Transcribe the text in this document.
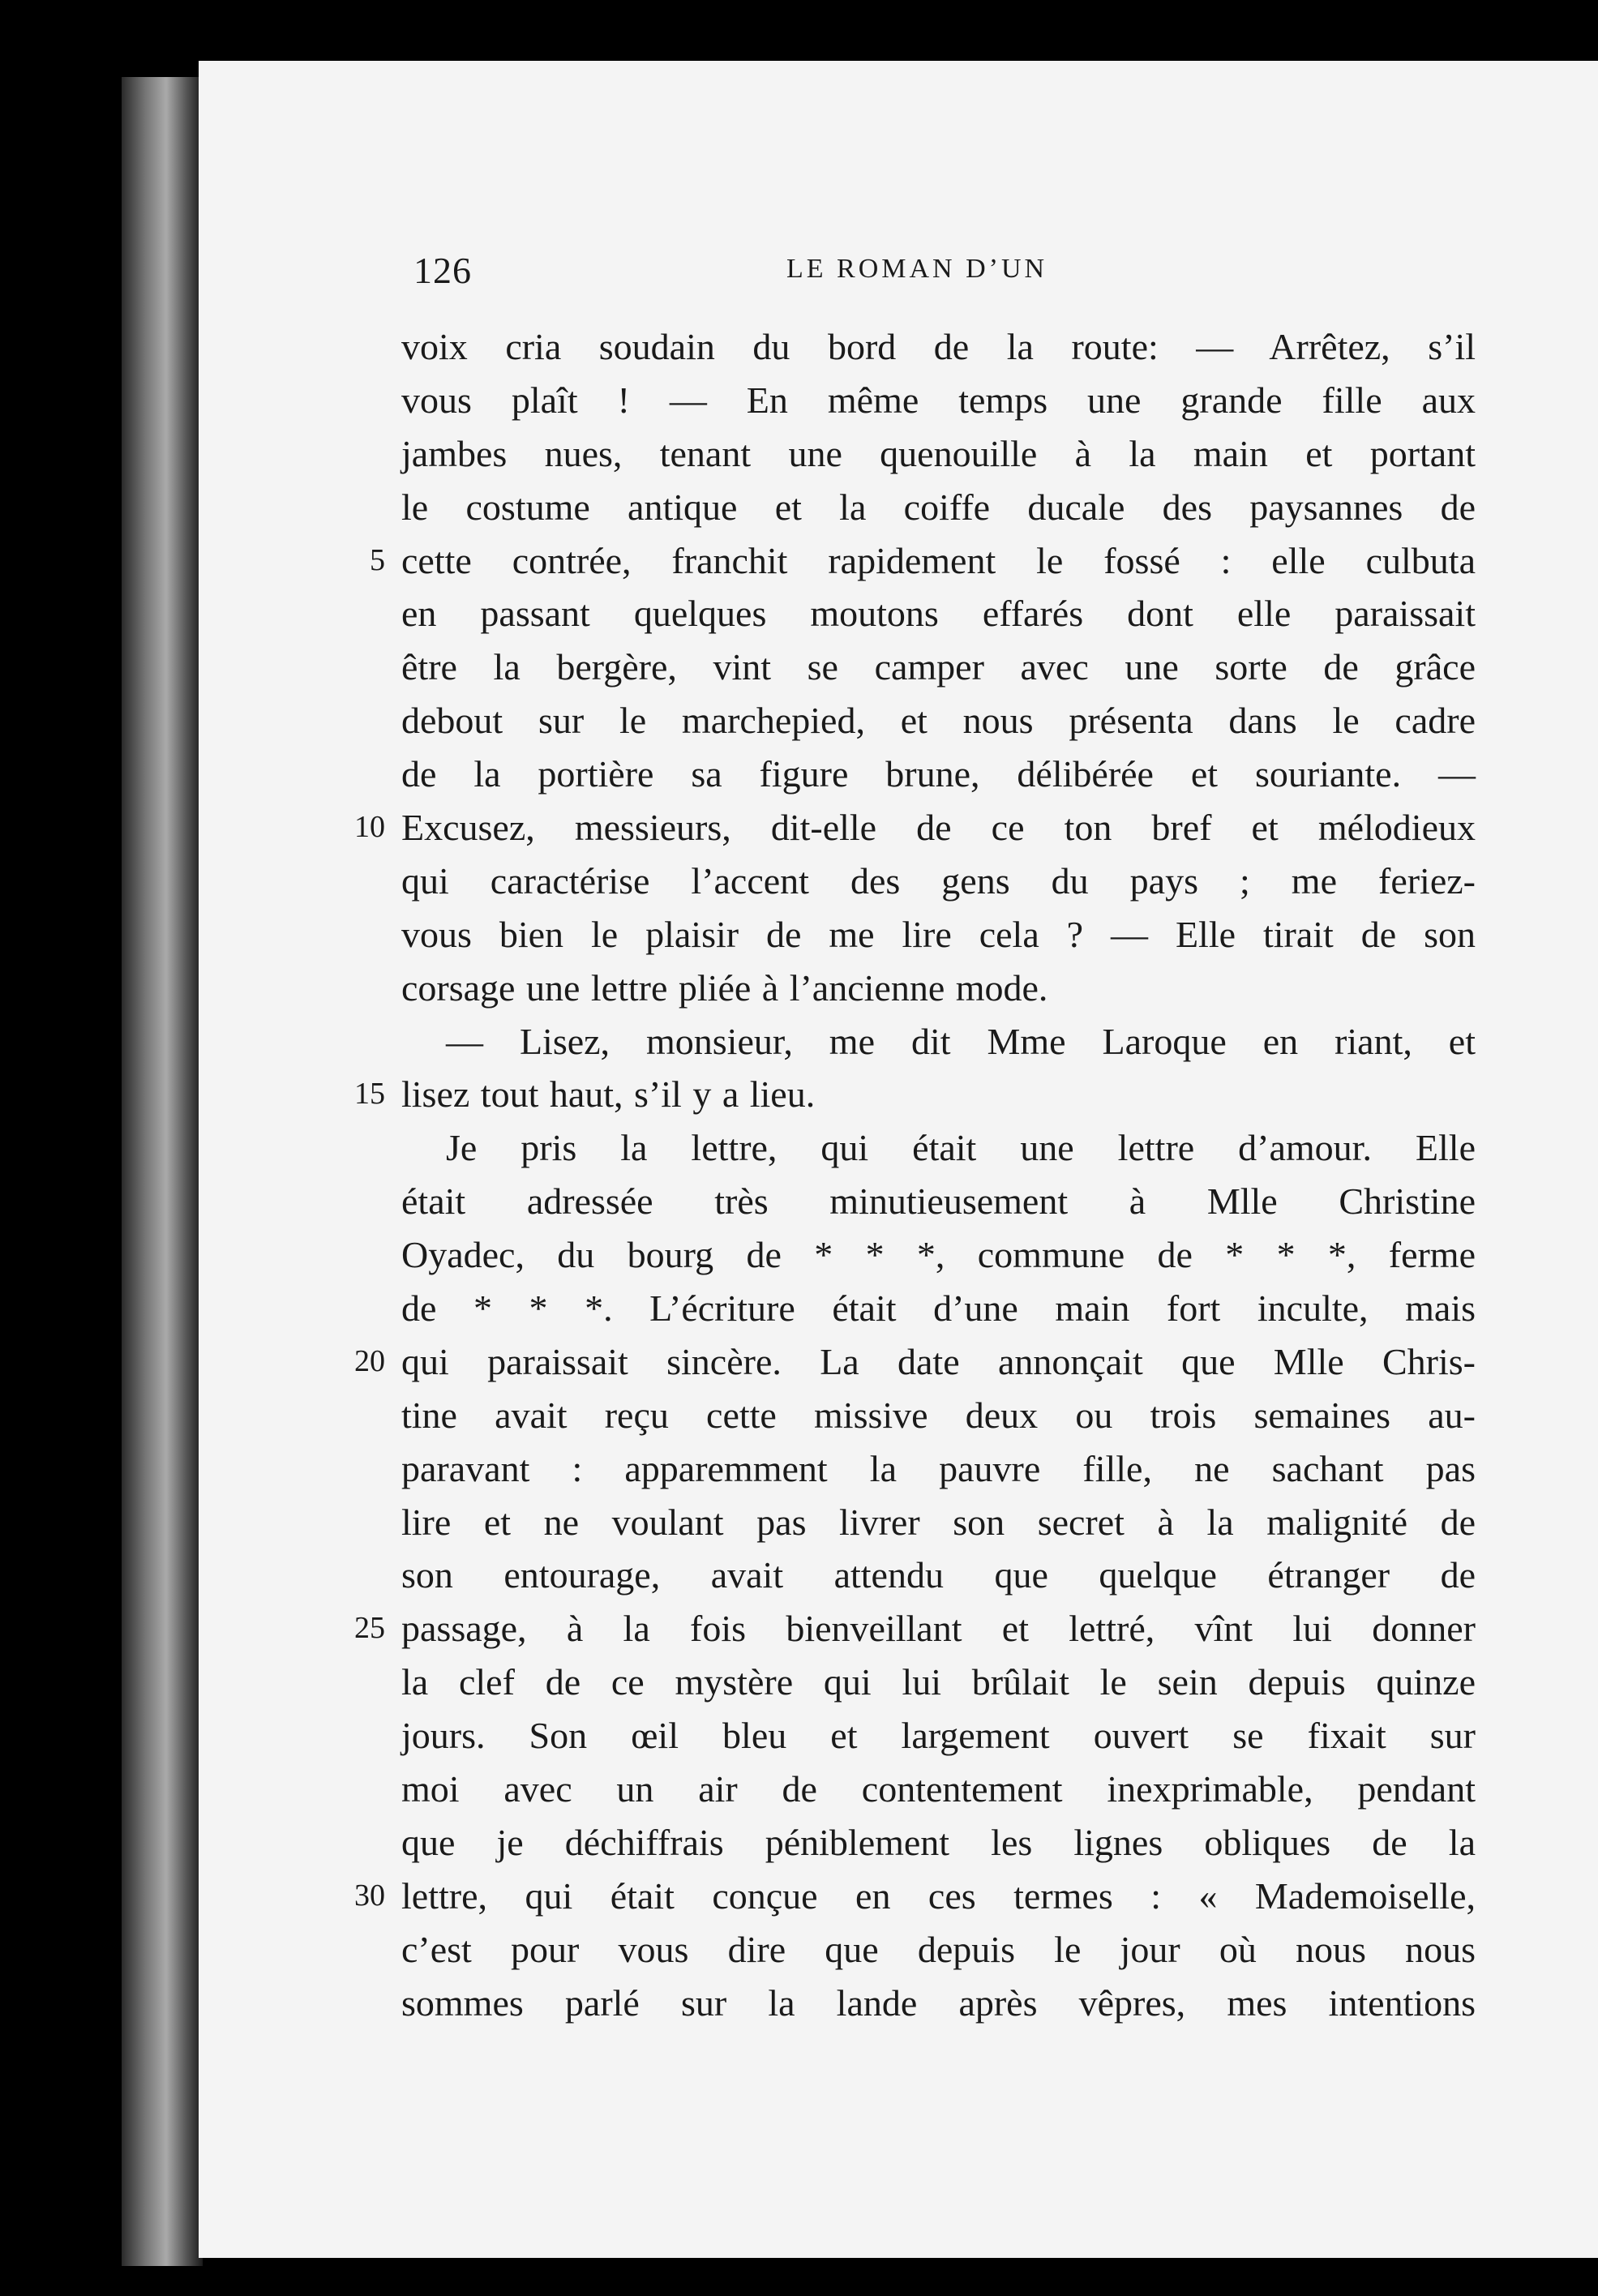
126	LE ROMAN D’UN
voix cria soudain du bord de la route: — Arrêtez, s’il
vous plaît ! — En même temps une grande fille aux
jambes nues, tenant une quenouille à la main et portant
le costume antique et la coiffe ducale des paysannes de
5 cette contrée, franchit rapidement le fossé : elle culbuta
en passant quelques moutons effarés dont elle paraissait
être la bergère, vint se camper avec une sorte de grâce
debout sur le marchepied, et nous présenta dans le cadre
de la portière sa figure brune, délibérée et souriante. —
10 Excusez, messieurs, dit-elle de ce ton bref et mélodieux
qui caractérise l’accent des gens du pays ; me feriez-
vous bien le plaisir de me lire cela ? — Elle tirait de son
corsage une lettre pliée à l’ancienne mode.
— Lisez, monsieur, me dit Mme Laroque en riant, et
15 lisez tout haut, s’il y a lieu.
Je pris la lettre, qui était une lettre d’amour. Elle
était adressée très minutieusement à Mlle Christine
Oyadec, du bourg de * * *, commune de * * *, ferme
de * * *. L’écriture était d’une main fort inculte, mais
20 qui paraissait sincère. La date annonçait que Mlle Chris-
tine avait reçu cette missive deux ou trois semaines au-
paravant : apparemment la pauvre fille, ne sachant pas
lire et ne voulant pas livrer son secret à la malignité de
son entourage, avait attendu que quelque étranger de
25 passage, à la fois bienveillant et lettré, vînt lui donner
la clef de ce mystère qui lui brûlait le sein depuis quinze
jours. Son œil bleu et largement ouvert se fixait sur
moi avec un air de contentement inexprimable, pendant
que je déchiffrais péniblement les lignes obliques de la
30 lettre, qui était conçue en ces termes : « Mademoiselle,
c’est pour vous dire que depuis le jour où nous nous
sommes parlé sur la lande après vêpres, mes intentions
